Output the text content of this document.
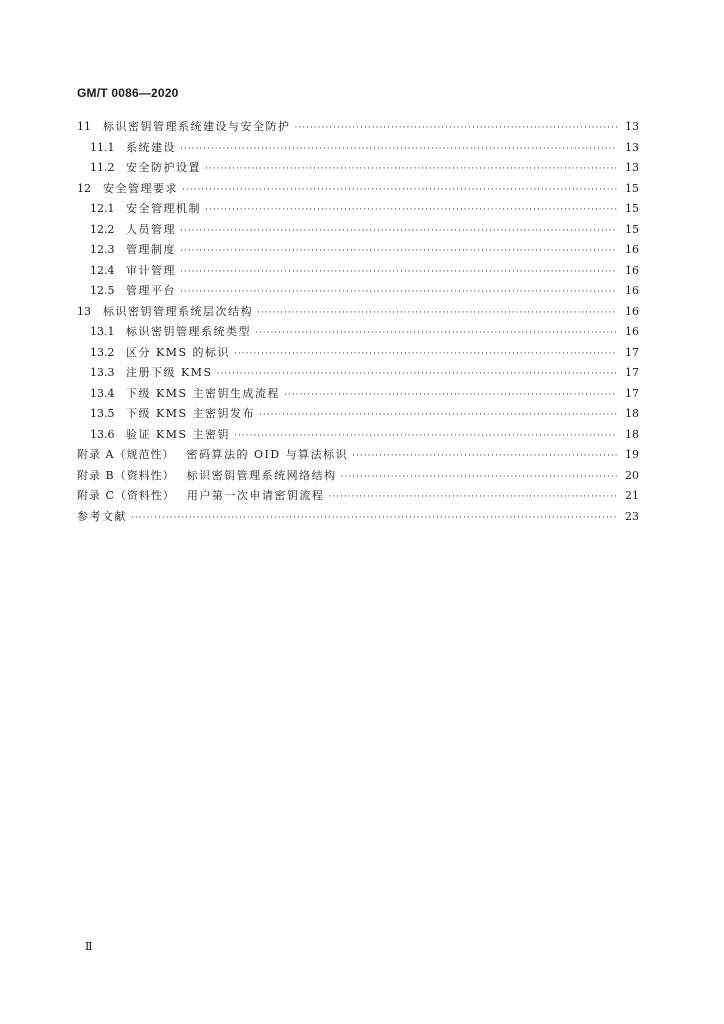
GM/T 0086—2020
11	标识密钥管理系统建设与安全防护 ·····	13
11.1	系统建设 ·····	13
11.2	安全防护设置 ·····	13
12	安全管理要求 ·····	15
12.1	安全管理机制 ·····	15
12.2	人员管理 ·····	15
12.3	管理制度 ·····	16
12.4	审计管理 ·····	16
12.5	管理平台 ·····	16
13	标识密钥管理系统层次结构 ·····	16
13.1	标识密钥管理系统类型 ·····	16
13.2	区分 KMS 的标识 ·····	17
13.3	注册下级 KMS ·····	17
13.4	下级 KMS 主密钥生成流程 ·····	17
13.5	下级 KMS 主密钥发布 ·····	18
13.6	验证 KMS 主密钥 ·····	18
附录 A（规范性）	密码算法的 OID 与算法标识 ·····	19
附录 B（资料性）	标识密钥管理系统网络结构 ·····	20
附录 C（资料性）	用户第一次申请密钥流程 ·····	21
参考文献 ·····	23
Ⅱ
